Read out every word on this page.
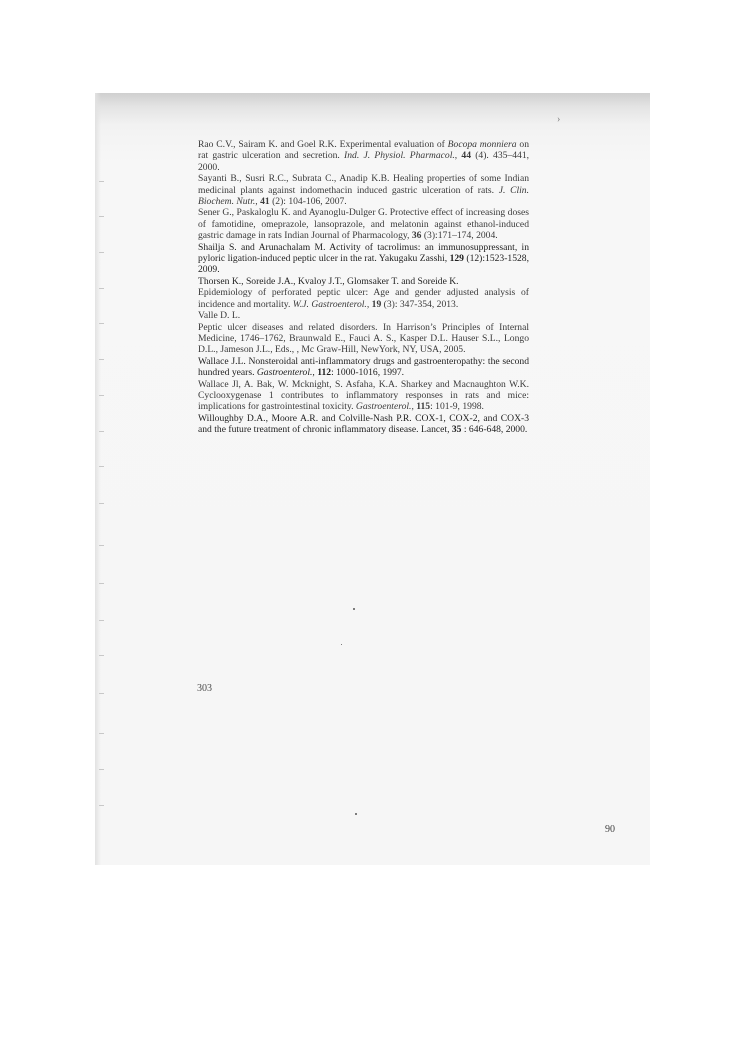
›

Rao C.V., Sairam K. and Goel R.K. Experimental evaluation of Bocopa monniera on rat gastric ulceration and secretion. Ind. J. Physiol. Pharmacol., 44 (4). 435–441, 2000.

Sayanti B., Susri R.C., Subrata C., Anadip K.B. Healing properties of some Indian medicinal plants against indomethacin induced gastric ulceration of rats. J. Clin. Biochem. Nutr., 41 (2): 104-106, 2007.

Sener G., Paskaloglu K. and Ayanoglu-Dulger G. Protective effect of increasing doses of famotidine, omeprazole, lansoprazole, and melatonin against ethanol-induced gastric damage in rats Indian Journal of Pharmacology, 36 (3):171–174, 2004.

Shailja S. and Arunachalam M. Activity of tacrolimus: an immunosuppressant, in pyloric ligation-induced peptic ulcer in the rat. Yakugaku Zasshi, 129 (12):1523-1528, 2009.

Thorsen K., Soreide J.A., Kvaloy J.T., Glomsaker T. and Soreide K.

Epidemiology of perforated peptic ulcer: Age and gender adjusted analysis of incidence and mortality. W.J. Gastroenterol., 19 (3): 347-354, 2013.

Valle D. L.

Peptic ulcer diseases and related disorders. In Harrison’s Principles of Internal Medicine, 1746–1762, Braunwald E., Fauci A. S., Kasper D.L. Hauser S.L., Longo D.L., Jameson J.L., Eds., , Mc Graw-Hill, NewYork, NY, USA, 2005.

Wallace J.L. Nonsteroidal anti-inflammatory drugs and gastroenteropathy: the second hundred years. Gastroenterol., 112: 1000-1016, 1997.

Wallace Jl, A. Bak, W. Mcknight, S. Asfaha, K.A. Sharkey and Macnaughton W.K. Cyclooxygenase 1 contributes to inflammatory responses in rats and mice: implications for gastrointestinal toxicity. Gastroenterol., 115: 101-9, 1998.

Willoughby D.A., Moore A.R. and Colville-Nash P.R. COX-1, COX-2, and COX-3 and the future treatment of chronic inflammatory disease. Lancet, 35 : 646-648, 2000.

303
90
